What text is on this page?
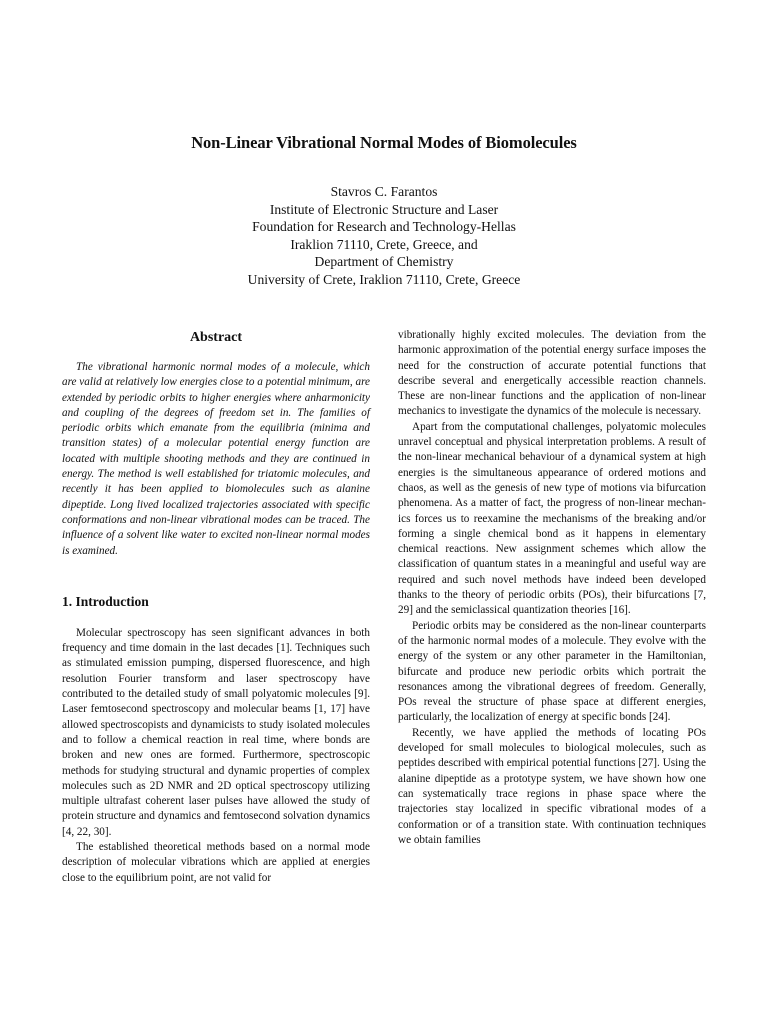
Non-Linear Vibrational Normal Modes of Biomolecules
Stavros C. Farantos
Institute of Electronic Structure and Laser
Foundation for Research and Technology-Hellas
Iraklion 71110, Crete, Greece, and
Department of Chemistry
University of Crete, Iraklion 71110, Crete, Greece
Abstract

The vibrational harmonic normal modes of a molecule, which are valid at relatively low energies close to a potential minimum, are extended by periodic orbits to higher energies where anharmonicity and coupling of the degrees of freedom set in. The families of periodic orbits which emanate from the equilibria (minima and transition states) of a molecular potential energy function are located with multiple shooting methods and they are continued in energy. The method is well established for triatomic molecules, and recently it has been applied to biomolecules such as alanine dipeptide. Long lived localized trajectories associated with specific conformations and non-linear vibrational modes can be traced. The influence of a solvent like water to excited non-linear normal modes is examined.

1. Introduction

Molecular spectroscopy has seen significant advances in both frequency and time domain in the last decades [1]. Techniques such as stimulated emission pumping, dispersed fluorescence, and high resolution Fourier transform and laser spectroscopy have contributed to the detailed study of small polyatomic molecules [9]. Laser femtosecond spectroscopy and molecular beams [1, 17] have allowed spectroscopists and dynamicists to study isolated molecules and to follow a chemical reaction in real time, where bonds are broken and new ones are formed. Furthermore, spectroscopic methods for studying structural and dynamic properties of complex molecules such as 2D NMR and 2D optical spectroscopy utilizing multiple ultrafast coherent laser pulses have allowed the study of protein structure and dynamics and femtosecond solvation dynamics [4, 22, 30].

The established theoretical methods based on a normal mode description of molecular vibrations which are applied at energies close to the equilibrium point, are not valid for

vibrationally highly excited molecules. The deviation from the harmonic approximation of the potential energy surface imposes the need for the construction of accurate potential functions that describe several and energetically accessible reaction channels. These are non-linear functions and the application of non-linear mechanics to investigate the dynamics of the molecule is necessary.

Apart from the computational challenges, polyatomic molecules unravel conceptual and physical interpretation problems. A result of the non-linear mechanical behaviour of a dynamical system at high energies is the simultaneous appearance of ordered motions and chaos, as well as the genesis of new type of motions via bifurcation phenomena. As a matter of fact, the progress of non-linear mechanics forces us to reexamine the mechanisms of the breaking and/or forming a single chemical bond as it happens in elementary chemical reactions. New assignment schemes which allow the classification of quantum states in a meaningful and useful way are required and such novel methods have indeed been developed thanks to the theory of periodic orbits (POs), their bifurcations [7, 29] and the semiclassical quantization theories [16].

Periodic orbits may be considered as the non-linear counterparts of the harmonic normal modes of a molecule. They evolve with the energy of the system or any other parameter in the Hamiltonian, bifurcate and produce new periodic orbits which portrait the resonances among the vibrational degrees of freedom. Generally, POs reveal the structure of phase space at different energies, particularly, the localization of energy at specific bonds [24].

Recently, we have applied the methods of locating POs developed for small molecules to biological molecules, such as peptides described with empirical potential functions [27]. Using the alanine dipeptide as a prototype system, we have shown how one can systematically trace regions in phase space where the trajectories stay localized in specific vibrational modes of a conformation or of a transition state. With continuation techniques we obtain families
